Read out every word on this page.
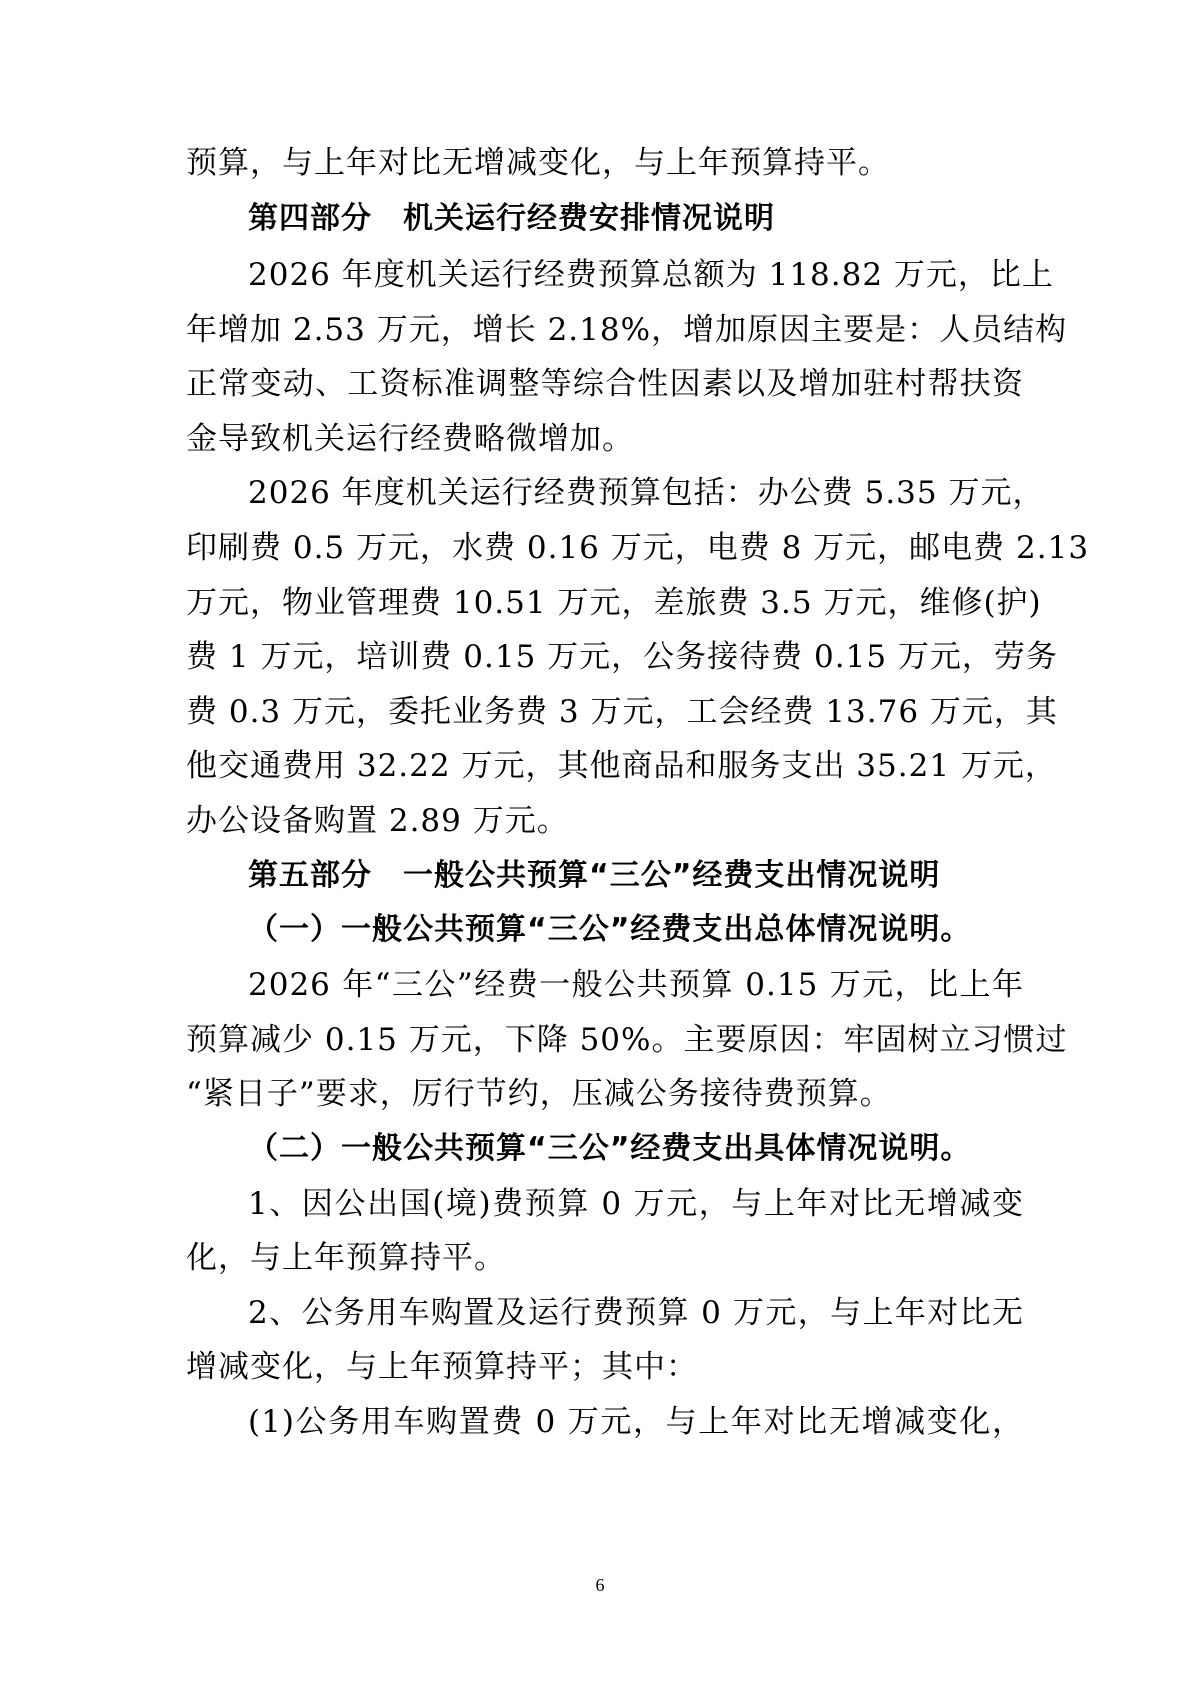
预算，与上年对比无增减变化，与上年预算持平。
第四部分　机关运行经费安排情况说明
2026 年度机关运行经费预算总额为 118.82 万元，比上
年增加 2.53 万元，增长 2.18%，增加原因主要是：人员结构
正常变动、工资标准调整等综合性因素以及增加驻村帮扶资
金导致机关运行经费略微增加。
2026 年度机关运行经费预算包括：办公费 5.35 万元，
印刷费 0.5 万元，水费 0.16 万元，电费 8 万元，邮电费 2.13
万元，物业管理费 10.51 万元，差旅费 3.5 万元，维修(护)
费 1 万元，培训费 0.15 万元，公务接待费 0.15 万元，劳务
费 0.3 万元，委托业务费 3 万元，工会经费 13.76 万元，其
他交通费用 32.22 万元，其他商品和服务支出 35.21 万元，
办公设备购置 2.89 万元。
第五部分　一般公共预算“三公”经费支出情况说明
（一）一般公共预算“三公”经费支出总体情况说明。
2026 年“三公”经费一般公共预算 0.15 万元，比上年
预算减少 0.15 万元，下降 50%。主要原因：牢固树立习惯过
“紧日子”要求，厉行节约，压减公务接待费预算。
（二）一般公共预算“三公”经费支出具体情况说明。
1、因公出国(境)费预算 0 万元，与上年对比无增减变
化，与上年预算持平。
2、公务用车购置及运行费预算 0 万元，与上年对比无
增减变化，与上年预算持平；其中：
(1)公务用车购置费 0 万元，与上年对比无增减变化，
6
